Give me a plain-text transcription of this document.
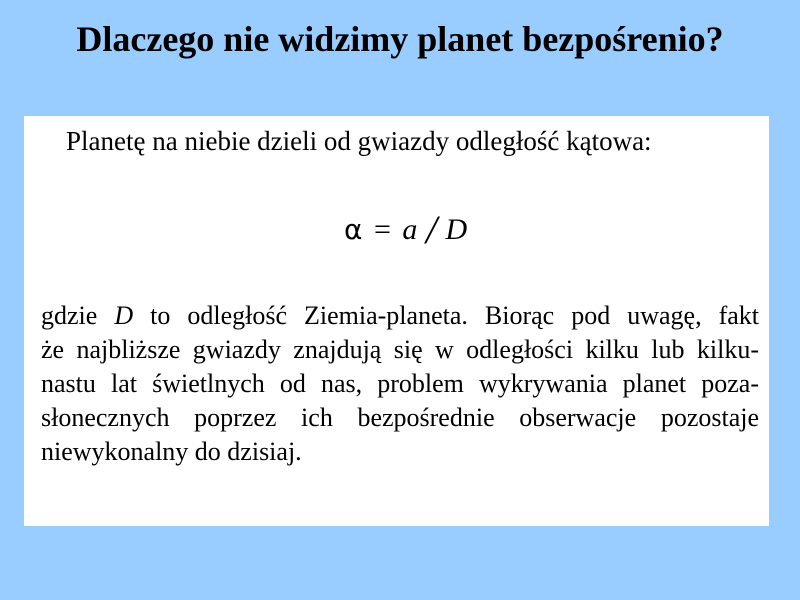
Dlaczego nie widzimy planet bezpośrenio?

Planetę na niebie dzieli od gwiazdy odległość kątowa:

α = a / D
gdzie D to odległość Ziemia-planeta. Biorąc pod uwagę, fakt
że najbliższe gwiazdy znajdują się w odległości kilku lub kilku-
nastu lat świetlnych od nas, problem wykrywania planet poza-
słonecznych poprzez ich bezpośrednie obserwacje pozostaje
niewykonalny do dzisiaj.
